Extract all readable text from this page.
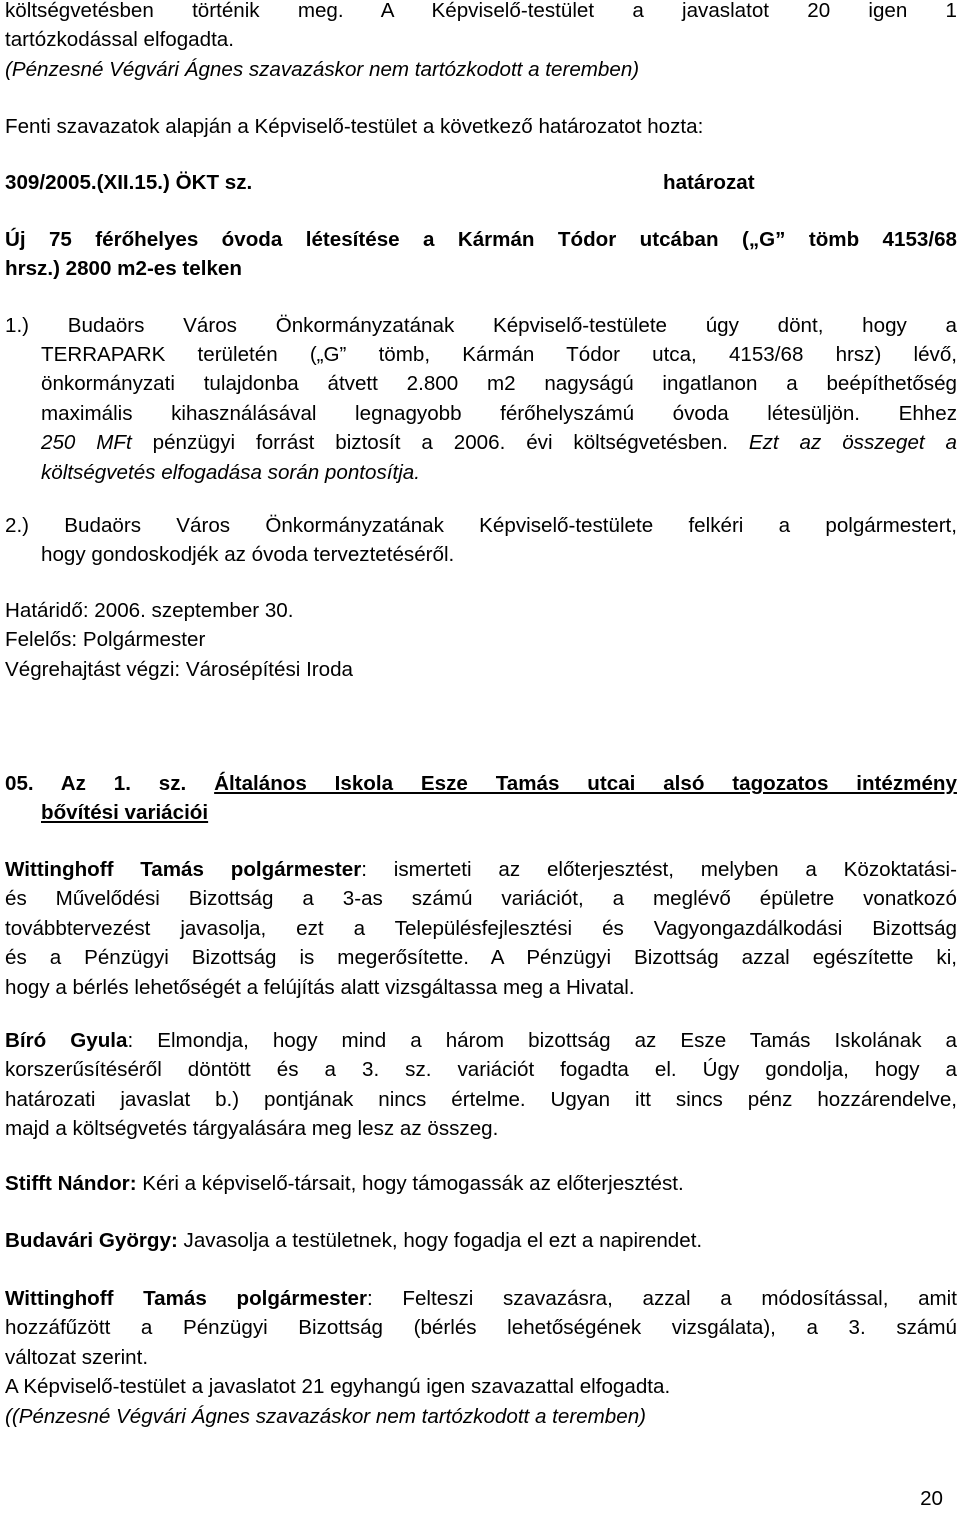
költségvetésben történik meg. A Képviselő-testület a javaslatot 20 igen 1

tartózkodással elfogadta.

(Pénzesné Végvári Ágnes szavazáskor nem tartózkodott a teremben)

Fenti szavazatok alapján a Képviselő-testület a következő határozatot hozta:

309/2005.(XII.15.) ÖKT sz.	határozat

Új 75 férőhelyes óvoda létesítése a Kármán Tódor utcában („G” tömb 4153/68

hrsz.) 2800 m2-es telken

1.) Budaörs Város Önkormányzatának Képviselő-testülete úgy dönt, hogy a

TERRAPARK területén („G” tömb, Kármán Tódor utca, 4153/68 hrsz) lévő,

önkormányzati tulajdonba átvett 2.800 m2 nagyságú ingatlanon a beépíthetőség

maximális kihasználásával legnagyobb férőhelyszámú óvoda létesüljön. Ehhez

250 MFt pénzügyi forrást biztosít a 2006. évi költségvetésben. Ezt az összeget a

költségvetés elfogadása során pontosítja.

2.) Budaörs Város Önkormányzatának Képviselő-testülete felkéri a polgármestert,

hogy gondoskodjék az óvoda terveztetéséről.

Határidő: 2006. szeptember 30.

Felelős: Polgármester

Végrehajtást végzi: Városépítési Iroda

05. Az 1. sz. Általános Iskola Esze Tamás utcai alsó tagozatos intézmény

bővítési variációi

Wittinghoff Tamás polgármester: ismerteti az előterjesztést, melyben a Közoktatási-

és Művelődési Bizottság a 3-as számú variációt, a meglévő épületre vonatkozó

továbbtervezést javasolja, ezt a Településfejlesztési és Vagyongazdálkodási Bizottság

és a Pénzügyi Bizottság is megerősítette. A Pénzügyi Bizottság azzal egészítette ki,

hogy a bérlés lehetőségét a felújítás alatt vizsgáltassa meg a Hivatal.

Bíró Gyula: Elmondja, hogy mind a három bizottság az Esze Tamás Iskolának a

korszerűsítéséről döntött és a 3. sz. variációt fogadta el. Úgy gondolja, hogy a

határozati javaslat b.) pontjának nincs értelme. Ugyan itt sincs pénz hozzárendelve,

majd a költségvetés tárgyalására meg lesz az összeg.

Stifft Nándor: Kéri a képviselő-társait, hogy támogassák az előterjesztést.

Budavári György: Javasolja a testületnek, hogy fogadja el ezt a napirendet.

Wittinghoff Tamás polgármester: Felteszi szavazásra, azzal a módosítással, amit

hozzáfűzött a Pénzügyi Bizottság (bérlés lehetőségének vizsgálata), a 3. számú

változat szerint.

A Képviselő-testület a javaslatot 21 egyhangú igen szavazattal elfogadta.

((Pénzesné Végvári Ágnes szavazáskor nem tartózkodott a teremben)

20
